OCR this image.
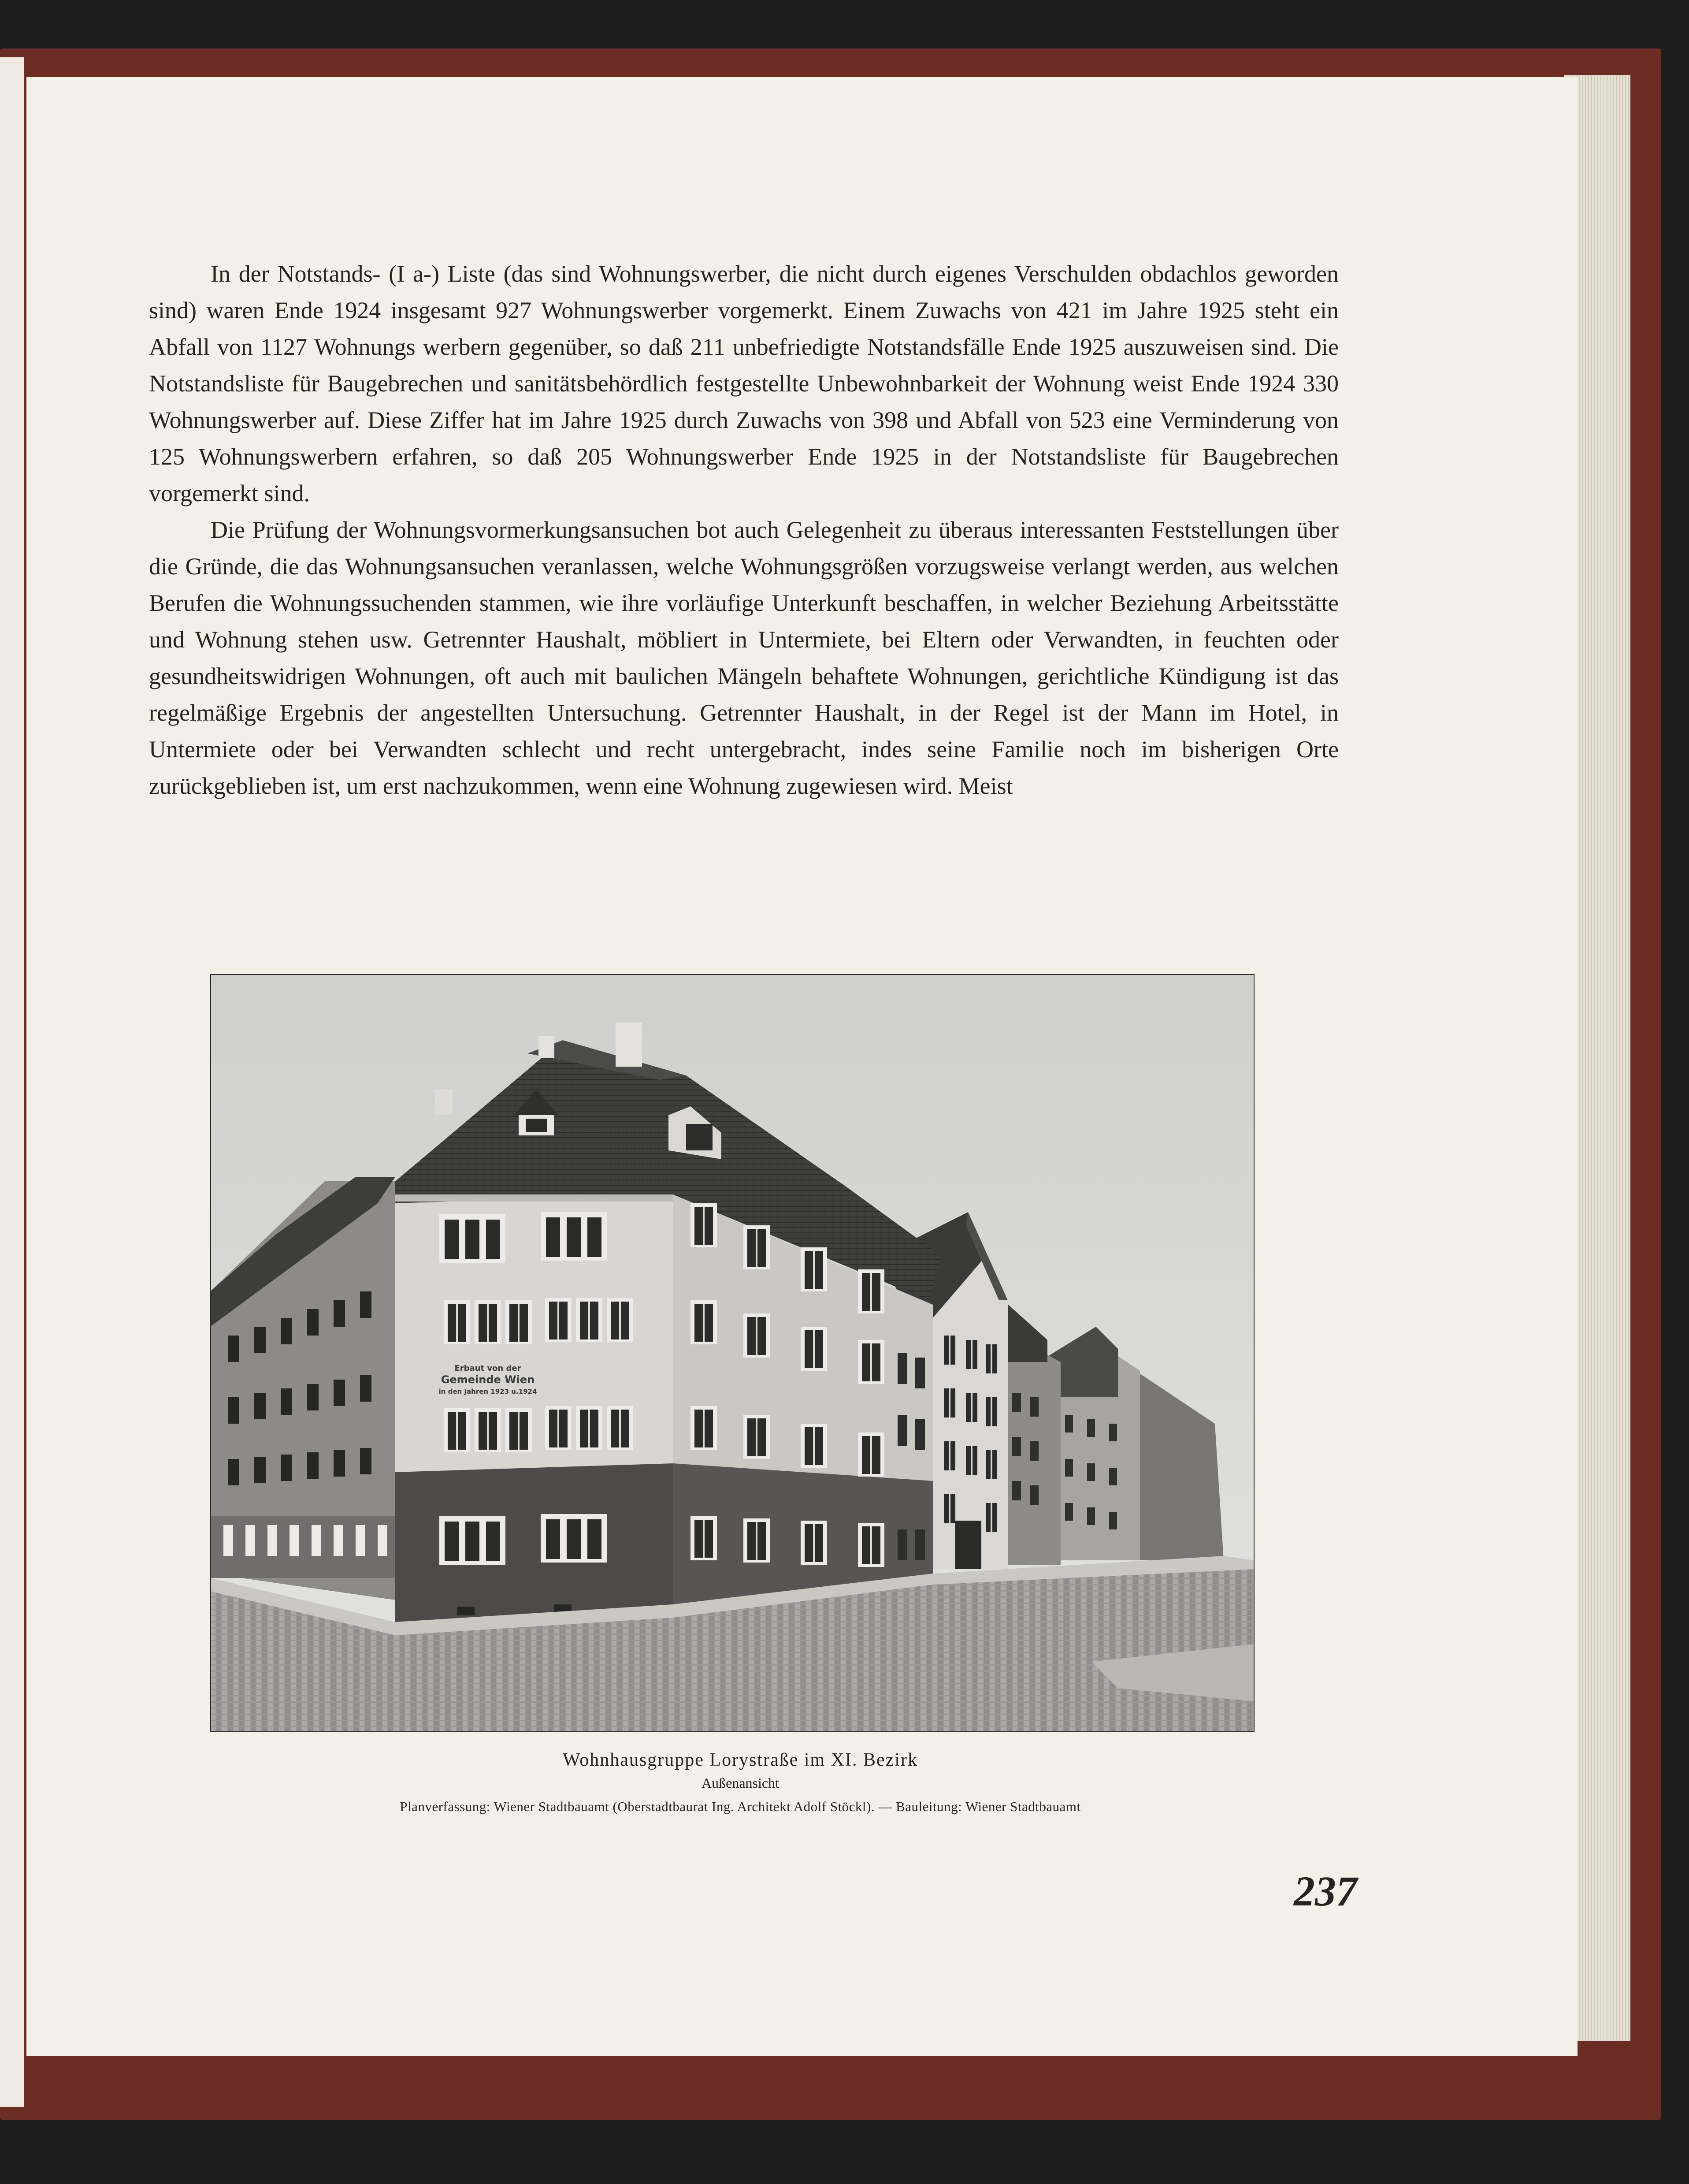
In der Notstands- (I a-) Liste (das sind Wohnungswerber, die nicht durch eigenes Verschulden obdachlos geworden sind) waren Ende 1924 insgesamt 927 Wohnungswerber vorgemerkt. Einem Zuwachs von 421 im Jahre 1925 steht ein Abfall von 1127 Wohnungs werbern gegenüber, so daß 211 unbefriedigte Notstandsfälle Ende 1925 auszuweisen sind. Die Notstandsliste für Baugebrechen und sanitätsbehördlich festgestellte Unbewohnbarkeit der Wohnung weist Ende 1924 330 Wohnungswerber auf. Diese Ziffer hat im Jahre 1925 durch Zuwachs von 398 und Abfall von 523 eine Verminderung von 125 Wohnungswerbern erfahren, so daß 205 Wohnungswerber Ende 1925 in der Notstandsliste für Baugebrechen vorgemerkt sind.

Die Prüfung der Wohnungsvormerkungsansuchen bot auch Gelegenheit zu überaus interessanten Feststellungen über die Gründe, die das Wohnungsansuchen veranlassen, welche Wohnungsgrößen vorzugsweise verlangt werden, aus welchen Berufen die Wohnungssuchenden stammen, wie ihre vorläufige Unterkunft beschaffen, in welcher Beziehung Arbeitsstätte und Wohnung stehen usw. Getrennter Haushalt, möbliert in Untermiete, bei Eltern oder Verwandten, in feuchten oder gesundheitswidrigen Wohnungen, oft auch mit baulichen Mängeln behaftete Wohnungen, gerichtliche Kündigung ist das regelmäßige Ergebnis der angestellten Untersuchung. Getrennter Haushalt, in der Regel ist der Mann im Hotel, in Untermiete oder bei Verwandten schlecht und recht untergebracht, indes seine Familie noch im bisherigen Orte zurückgeblieben ist, um erst nachzukommen, wenn eine Wohnung zugewiesen wird. Meist

Erbaut von der
Gemeinde Wien
in den Jahren 1923 u.1924
Wohnhausgruppe Lorystraße im XI. Bezirk
Außenansicht
Planverfassung: Wiener Stadtbauamt (Oberstadtbaurat Ing. Architekt Adolf Stöckl). — Bauleitung: Wiener Stadtbauamt
237
